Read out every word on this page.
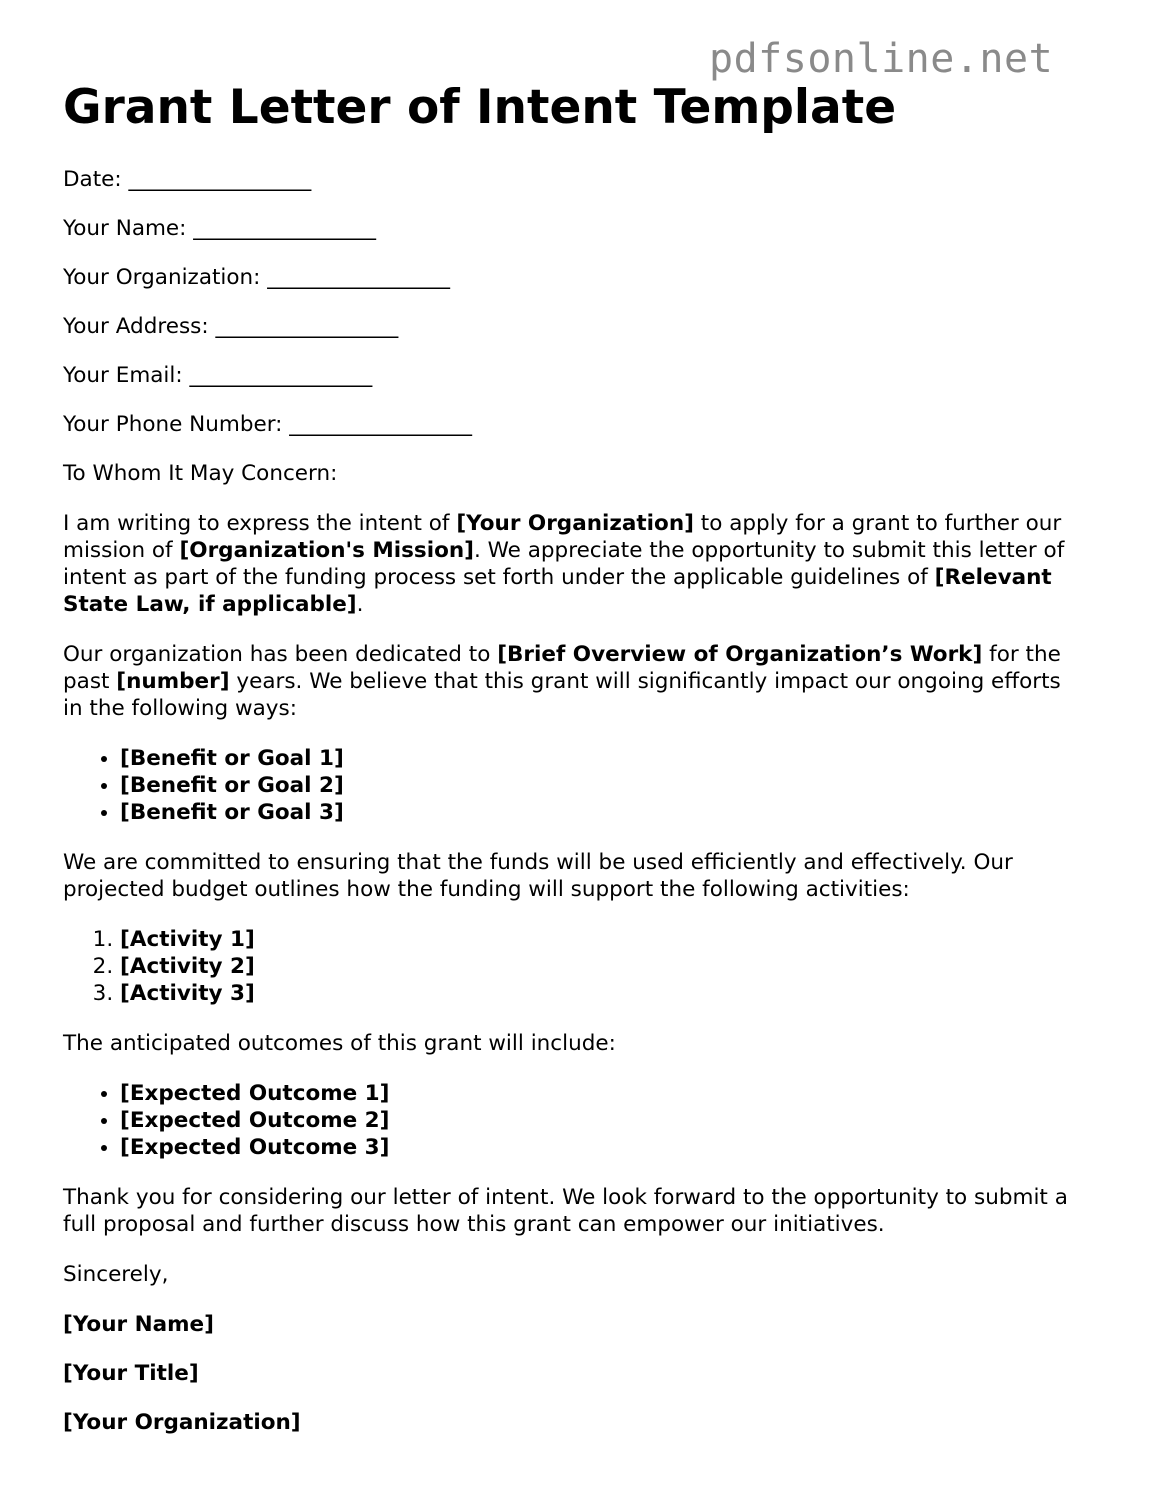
pdfsonline.net
Grant Letter of Intent Template

Date: _________________

Your Name: _________________

Your Organization: _________________

Your Address: _________________

Your Email: _________________

Your Phone Number: _________________

To Whom It May Concern:

I am writing to express the intent of [Your Organization] to apply for a grant to further our mission of [Organization's Mission]. We appreciate the opportunity to submit this letter of intent as part of the funding process set forth under the applicable guidelines of [Relevant State Law, if applicable].

Our organization has been dedicated to [Brief Overview of Organization’s Work] for the past [number] years. We believe that this grant will significantly impact our ongoing efforts in the following ways:

• [Benefit or Goal 1]
• [Benefit or Goal 2]
• [Benefit or Goal 3]

We are committed to ensuring that the funds will be used efficiently and effectively. Our projected budget outlines how the funding will support the following activities:

1. [Activity 1]
2. [Activity 2]
3. [Activity 3]

The anticipated outcomes of this grant will include:

• [Expected Outcome 1]
• [Expected Outcome 2]
• [Expected Outcome 3]

Thank you for considering our letter of intent. We look forward to the opportunity to submit a full proposal and further discuss how this grant can empower our initiatives.

Sincerely,

[Your Name]

[Your Title]

[Your Organization]
